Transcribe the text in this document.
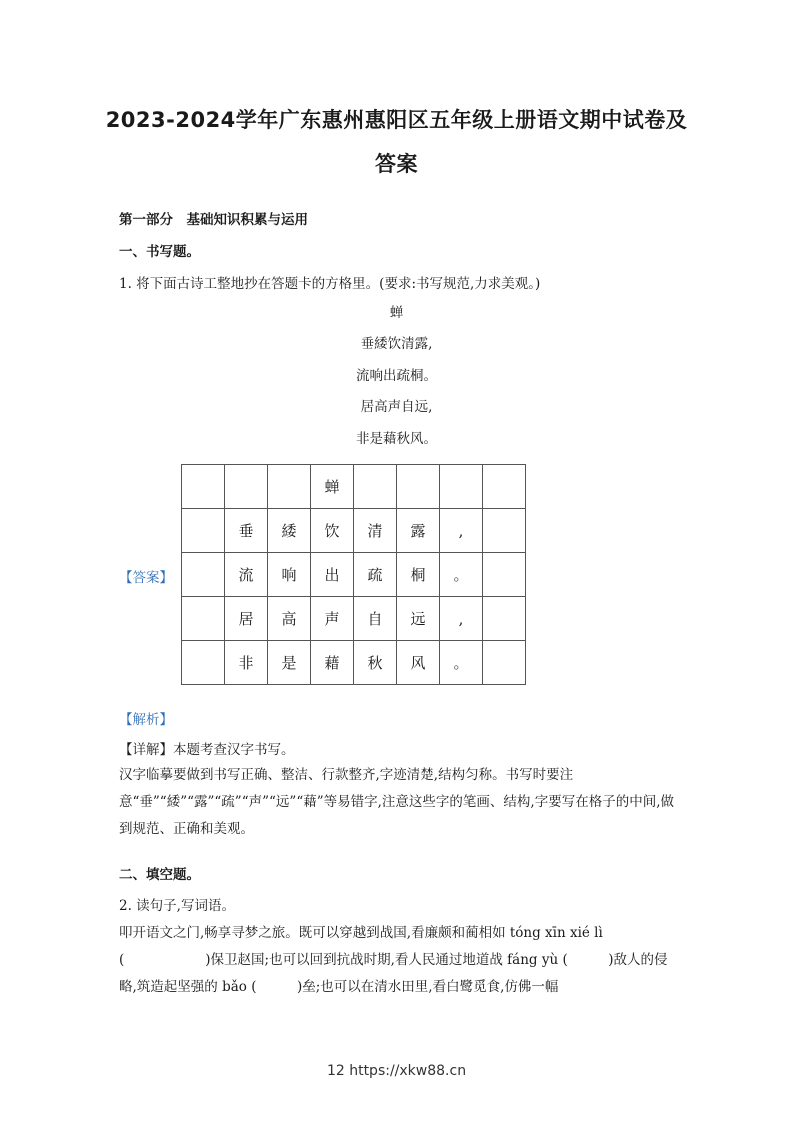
2023-2024学年广东惠州惠阳区五年级上册语文期中试卷及答案
第一部分　基础知识积累与运用
一、书写题。
1. 将下面古诗工整地抄在答题卡的方格里。(要求:书写规范,力求美观。)
蝉
垂緌饮清露,
流响出疏桐。
居高声自远,
非是藉秋风。
【答案】
			蝉				
	垂	緌	饮	清	露	,	
	流	响	出	疏	桐	。	
	居	高	声	自	远	,	
	非	是	藉	秋	风	。	
【解析】
【详解】本题考查汉字书写。
汉字临摹要做到书写正确、整洁、行款整齐,字迹清楚,结构匀称。书写时要注意“垂”“緌”“露”“疏”“声”“远”“藉”等易错字,注意这些字的笔画、结构,字要写在格子的中间,做到规范、正确和美观。
二、填空题。
2. 读句子,写词语。
叩开语文之门,畅享寻梦之旅。既可以穿越到战国,看廉颇和蔺相如 tóng xīn xié lì (　　　　　　)保卫赵国;也可以回到抗战时期,看人民通过地道战 fáng yù (　　　)敌人的侵略,筑造起坚强的 bǎo (　　　)垒;也可以在清水田里,看白鹭觅食,仿佛一幅
12 https://xkw88.cn
